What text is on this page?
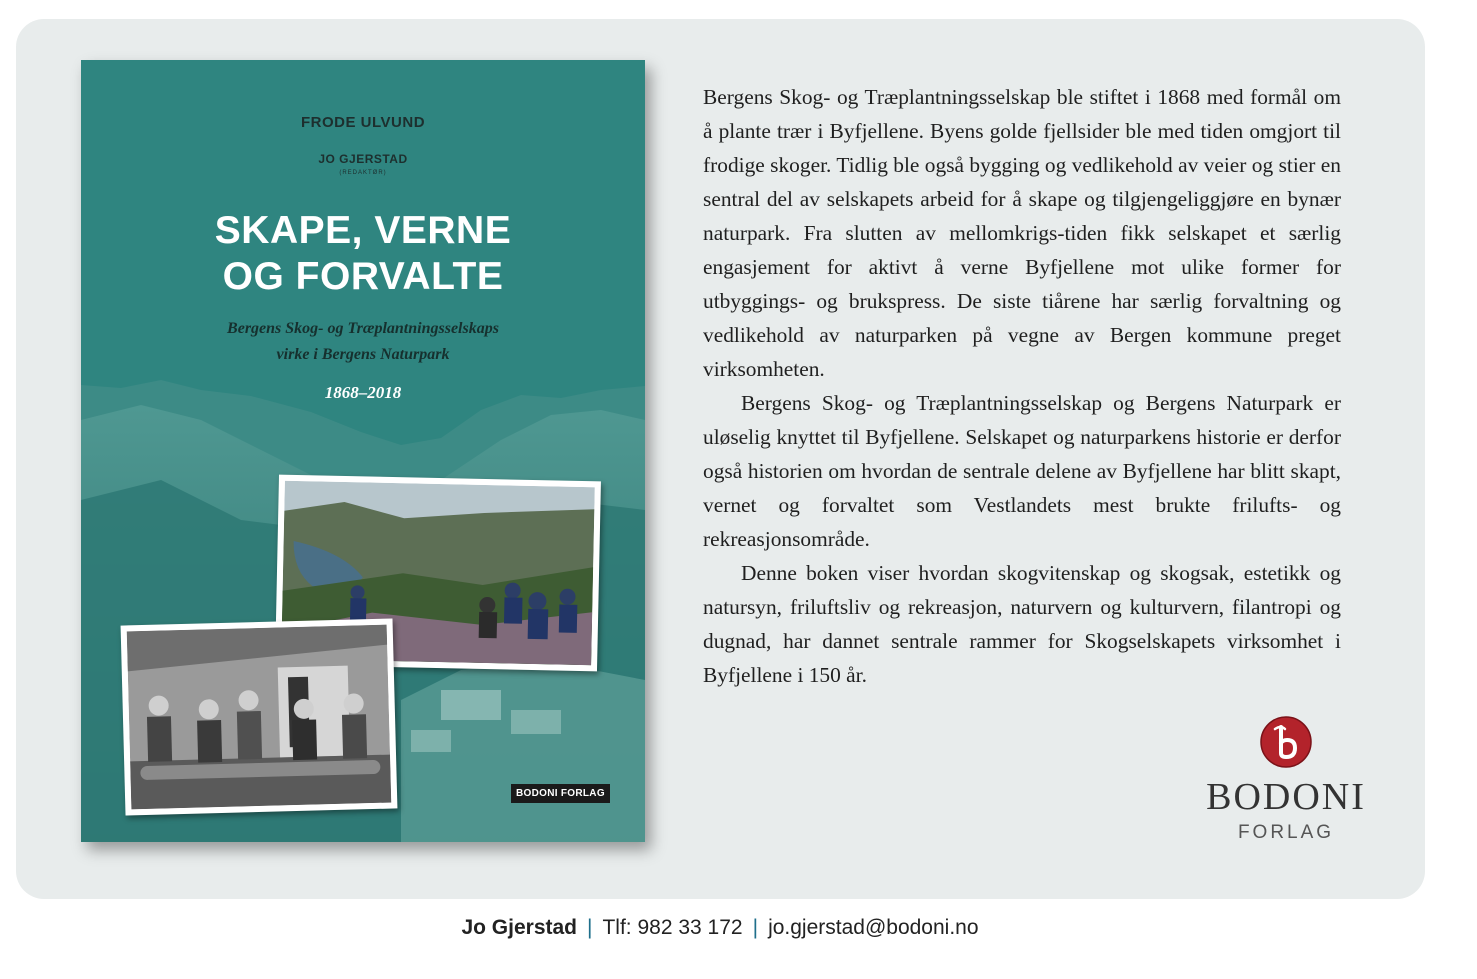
FRODE ULVUND
JO GJERSTAD
(REDAKTØR)
SKAPE, VERNE
OG FORVALTE
Bergens Skog- og Træplantningsselskaps
virke i Bergens Naturpark
1868–2018
BODONI FORLAG

Bergens Skog- og Træplantningsselskap ble stiftet i 1868 med formål om å plante trær i Byfjellene. Byens golde fjellsider ble med tiden omgjort til frodige skoger. Tidlig ble også bygging og vedlikehold av veier og stier en sentral del av selskapets arbeid for å skape og tilgjengeliggjøre en bynær naturpark. Fra slutten av mellomkrigs-tiden fikk selskapet et særlig engasjement for aktivt å verne Byfjellene mot ulike former for utbyggings- og brukspress. De siste tiårene har særlig forvaltning og vedlikehold av naturparken på vegne av Bergen kommune preget virksomheten.

Bergens Skog- og Træplantningsselskap og Bergens Naturpark er uløselig knyttet til Byfjellene. Selskapet og naturparkens historie er derfor også historien om hvordan de sentrale delene av Byfjellene har blitt skapt, vernet og forvaltet som Vestlandets mest brukte frilufts- og rekreasjonsområde.

Denne boken viser hvordan skogvitenskap og skogsak, estetikk og natursyn, friluftsliv og rekreasjon, naturvern og kulturvern, filantropi og dugnad, har dannet sentrale rammer for Skogselskapets virksomhet i Byfjellene i 150 år.

BODONI
FORLAG
Jo Gjerstad | Tlf: 982 33 172 | jo.gjerstad@bodoni.no
